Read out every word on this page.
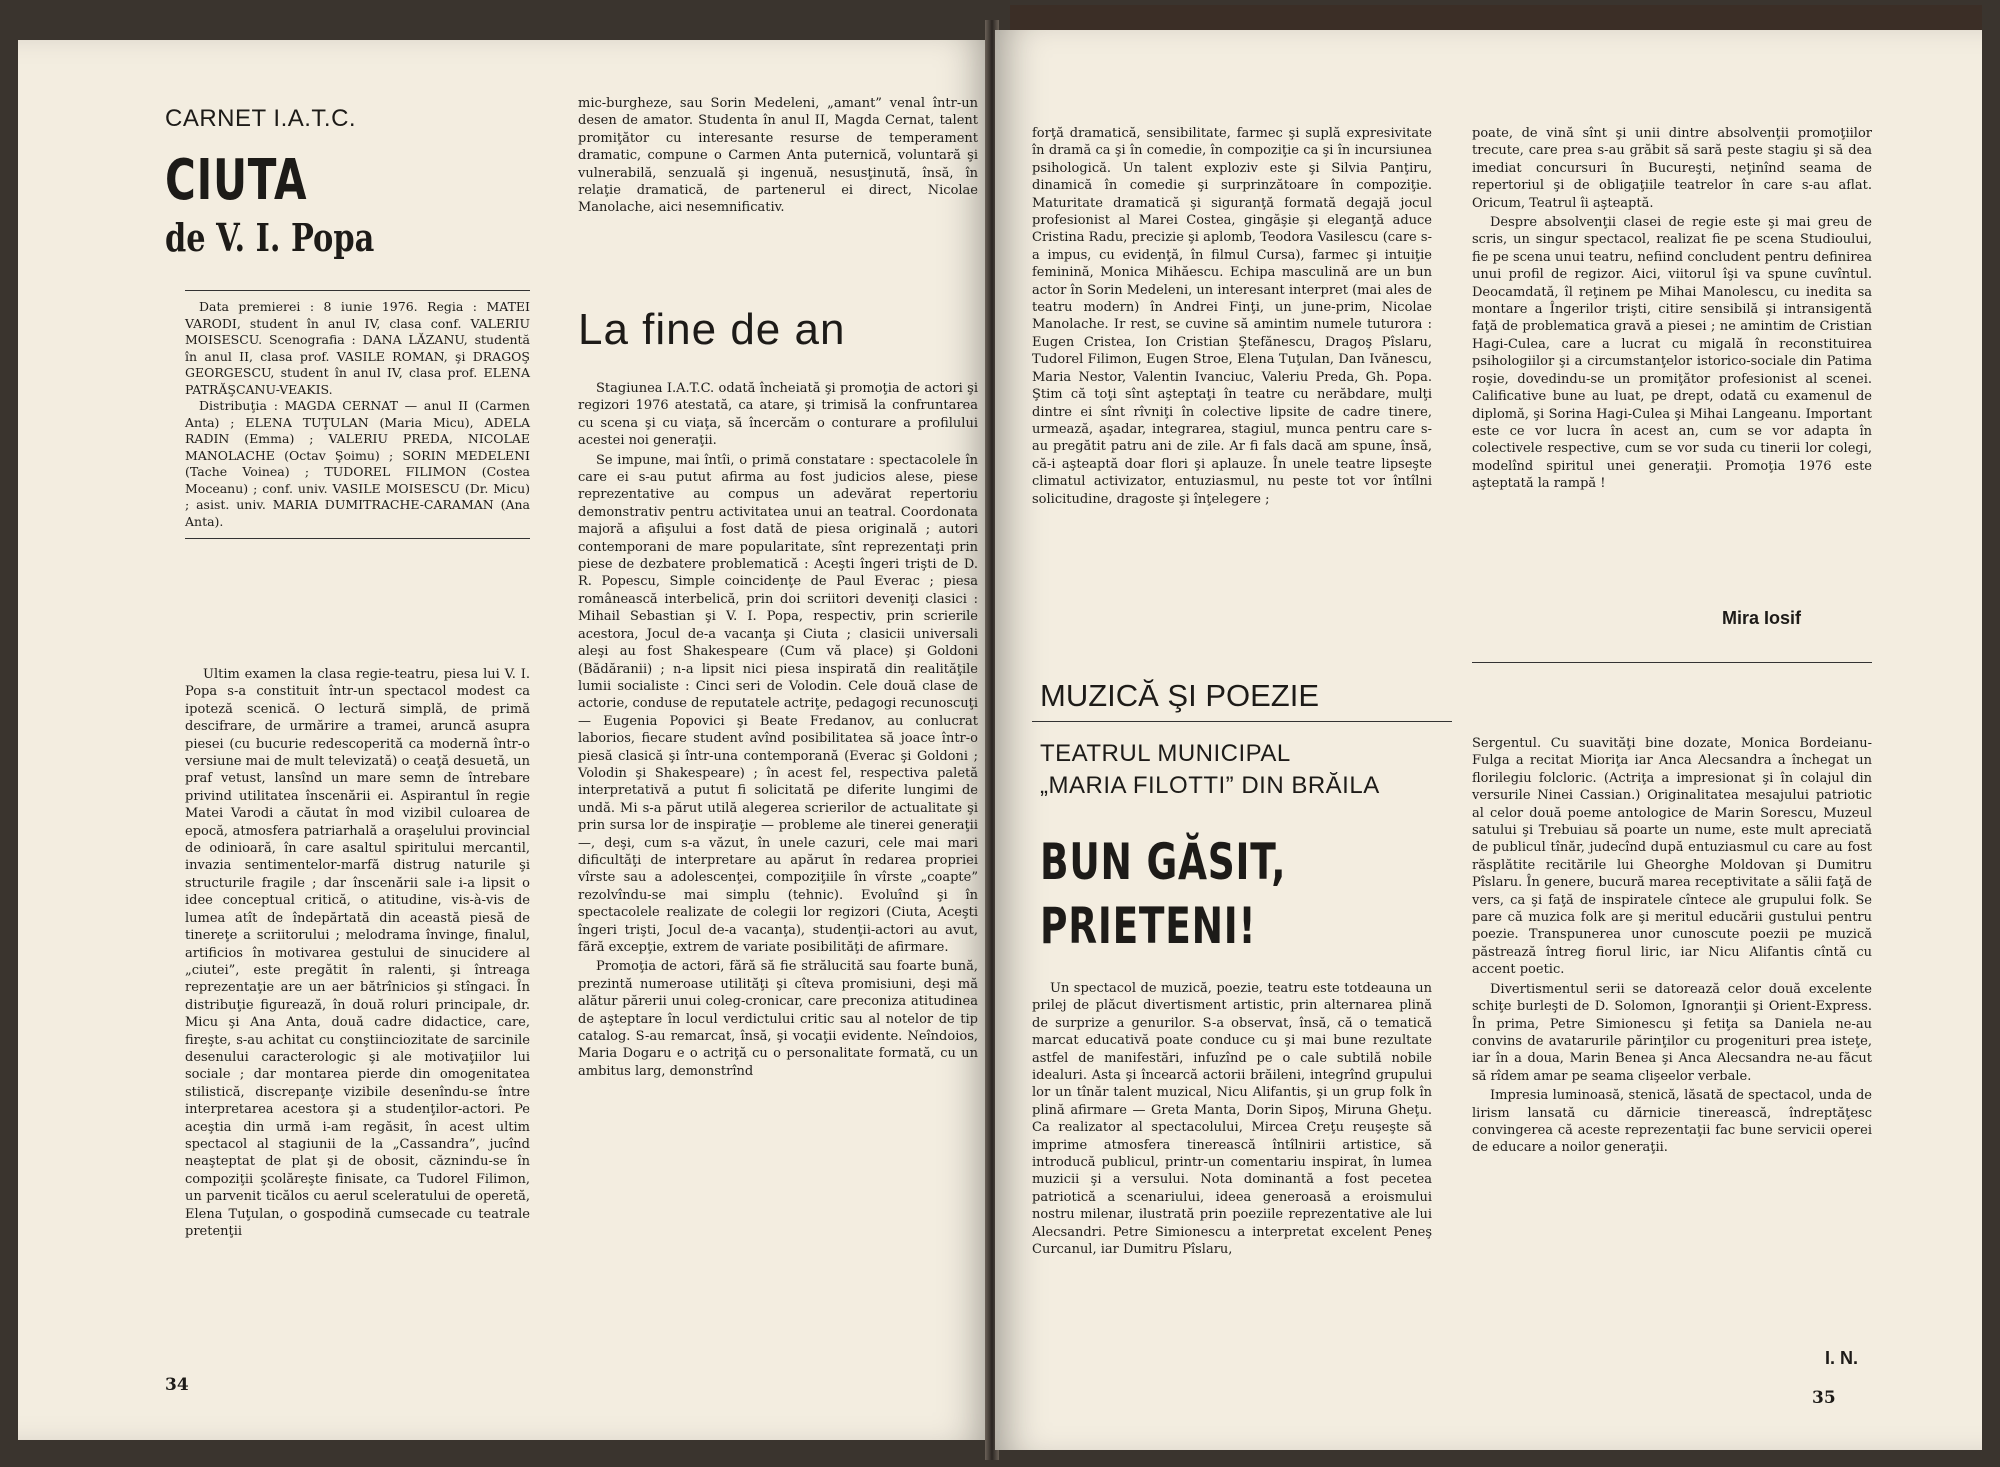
CARNET I.A.T.C.
CIUTA
de V. I. Popa

Data premierei : 8 iunie 1976. Regia : MATEI VARODI, student în anul IV, clasa conf. VALERIU MOISESCU. Scenografia : DANA LĂZANU, studentă în anul II, clasa prof. VASILE ROMAN, şi DRAGOŞ GEORGESCU, student în anul IV, clasa prof. ELENA PATRĂŞCANU-VEAKIS.

Distribuţia : MAGDA CERNAT — anul II (Carmen Anta) ; ELENA TUŢULAN (Maria Micu), ADELA RADIN (Emma) ; VALERIU PREDA, NICOLAE MANOLACHE (Octav Şoimu) ; SORIN MEDELENI (Tache Voinea) ; TUDOREL FILIMON (Costea Moceanu) ; conf. univ. VASILE MOISESCU (Dr. Micu) ; asist. univ. MARIA DUMITRACHE-CARAMAN (Ana Anta).

Ultim examen la clasa regie-teatru, piesa lui V. I. Popa s-a constituit într-un spectacol modest ca ipoteză scenică. O lectură simplă, de primă descifrare, de urmărire a tramei, aruncă asupra piesei (cu bucurie redescoperită ca modernă într-o versiune mai de mult televizată) o ceaţă desuetă, un praf vetust, lansînd un mare semn de întrebare privind utilitatea înscenării ei. Aspirantul în regie Matei Varodi a căutat în mod vizibil culoarea de epocă, atmosfera patriarhală a oraşelului provincial de odinioară, în care asaltul spiritului mercantil, invazia sentimentelor-marfă distrug naturile şi structurile fragile ; dar înscenării sale i-a lipsit o idee conceptual critică, o atitudine, vis-à-vis de lumea atît de îndepărtată din această piesă de tinereţe a scriitorului ; melodrama învinge, finalul, artificios în motivarea gestului de sinucidere al „ciutei”, este pregătit în ralenti, şi întreaga reprezentaţie are un aer bătrînicios şi stîngaci. În distribuţie figurează, în două roluri principale, dr. Micu şi Ana Anta, două cadre didactice, care, fireşte, s-au achitat cu conştiinciozitate de sarcinile desenului caracterologic şi ale motivaţiilor lui sociale ; dar montarea pierde din omogenitatea stilistică, discrepanţe vizibile desenîndu-se între interpretarea acestora şi a studenţilor-actori. Pe aceştia din urmă i-am regăsit, în acest ultim spectacol al stagiunii de la „Cassandra”, jucînd neaşteptat de plat şi de obosit, căznindu-se în compoziţii şcolăreşte finisate, ca Tudorel Filimon, un parvenit ticălos cu aerul sceleratului de operetă, Elena Tuţulan, o gospodină cumsecade cu teatrale pretenţii

mic-burgheze, sau Sorin Medeleni, „amant” venal într-un desen de amator. Studenta în anul II, Magda Cernat, talent promiţător cu interesante resurse de temperament dramatic, compune o Carmen Anta puternică, voluntară şi vulnerabilă, senzuală şi ingenuă, nesusţinută, însă, în relaţie dramatică, de partenerul ei direct, Nicolae Manolache, aici nesemnificativ.

La fine de an

Stagiunea I.A.T.C. odată încheiată şi promoţia de actori şi regizori 1976 atestată, ca atare, şi trimisă la confruntarea cu scena şi cu viaţa, să încercăm o conturare a profilului acestei noi generaţii.

Se impune, mai întîi, o primă constatare : spectacolele în care ei s-au putut afirma au fost judicios alese, piese reprezentative au compus un adevărat repertoriu demonstrativ pentru activitatea unui an teatral. Coordonata majoră a afişului a fost dată de piesa originală ; autori contemporani de mare popularitate, sînt reprezentaţi prin piese de dezbatere problematică : Aceşti îngeri trişti de D. R. Popescu, Simple coincidenţe de Paul Everac ; piesa românească interbelică, prin doi scriitori deveniţi clasici : Mihail Sebastian şi V. I. Popa, respectiv, prin scrierile acestora, Jocul de-a vacanţa şi Ciuta ; clasicii universali aleşi au fost Shakespeare (Cum vă place) şi Goldoni (Bădăranii) ; n-a lipsit nici piesa inspirată din realităţile lumii socialiste : Cinci seri de Volodin. Cele două clase de actorie, conduse de reputatele actriţe, pedagogi recunoscuţi — Eugenia Popovici şi Beate Fredanov, au conlucrat laborios, fiecare student avînd posibilitatea să joace într-o piesă clasică şi într-una contemporană (Everac şi Goldoni ; Volodin şi Shakespeare) ; în acest fel, respectiva paletă interpretativă a putut fi solicitată pe diferite lungimi de undă. Mi s-a părut utilă alegerea scrierilor de actualitate şi prin sursa lor de inspiraţie — probleme ale tinerei generaţii —, deşi, cum s-a văzut, în unele cazuri, cele mai mari dificultăţi de interpretare au apărut în redarea propriei vîrste sau a adolescenţei, compoziţiile în vîrste „coapte” rezolvîndu-se mai simplu (tehnic). Evoluînd şi în spectacolele realizate de colegii lor regizori (Ciuta, Aceşti îngeri trişti, Jocul de-a vacanţa), studenţii-actori au avut, fără excepţie, extrem de variate posibilităţi de afirmare.

Promoţia de actori, fără să fie strălucită sau foarte bună, prezintă numeroase utilităţi şi cîteva promisiuni, deşi mă alătur părerii unui coleg-cronicar, care preconiza atitudinea de aşteptare în locul verdictului critic sau al notelor de tip catalog. S-au remarcat, însă, şi vocaţii evidente. Neîndoios, Maria Dogaru e o actriţă cu o personalitate formată, cu un ambitus larg, demonstrînd

34

forţă dramatică, sensibilitate, farmec şi suplă expresivitate în dramă ca şi în comedie, în compoziţie ca şi în incursiunea psihologică. Un talent exploziv este şi Silvia Panţiru, dinamică în comedie şi surprinzătoare în compoziţie. Maturitate dramatică şi siguranţă formată degajă jocul profesionist al Marei Costea, gingăşie şi eleganţă aduce Cristina Radu, precizie şi aplomb, Teodora Vasilescu (care s-a impus, cu evidenţă, în filmul Cursa), farmec şi intuiţie feminină, Monica Mihăescu. Echipa masculină are un bun actor în Sorin Medeleni, un interesant interpret (mai ales de teatru modern) în Andrei Finţi, un june-prim, Nicolae Manolache. Ir rest, se cuvine să amintim numele tuturora : Eugen Cristea, Ion Cristian Ştefănescu, Dragoş Pîslaru, Tudorel Filimon, Eugen Stroe, Elena Tuţulan, Dan Ivănescu, Maria Nestor, Valentin Ivanciuc, Valeriu Preda, Gh. Popa. Ştim că toţi sînt aşteptaţi în teatre cu nerăbdare, mulţi dintre ei sînt rîvniţi în colective lipsite de cadre tinere, urmează, aşadar, integrarea, stagiul, munca pentru care s-au pregătit patru ani de zile. Ar fi fals dacă am spune, însă, că-i aşteaptă doar flori şi aplauze. În unele teatre lipseşte climatul activizator, entuziasmul, nu peste tot vor întîlni solicitudine, dragoste şi înţelegere ;

poate, de vină sînt şi unii dintre absolvenţii promoţiilor trecute, care prea s-au grăbit să sară peste stagiu şi să dea imediat concursuri în Bucureşti, neţinînd seama de repertoriul şi de obligaţiile teatrelor în care s-au aflat. Oricum, Teatrul îi aşteaptă.

Despre absolvenţii clasei de regie este şi mai greu de scris, un singur spectacol, realizat fie pe scena Studioului, fie pe scena unui teatru, nefiind concludent pentru definirea unui profil de regizor. Aici, viitorul îşi va spune cuvîntul. Deocamdată, îl reţinem pe Mihai Manolescu, cu inedita sa montare a Îngerilor trişti, citire sensibilă şi intransigentă faţă de problematica gravă a piesei ; ne amintim de Cristian Hagi-Culea, care a lucrat cu migală în reconstituirea psihologiilor şi a circumstanţelor istorico-sociale din Patima roşie, dovedindu-se un promiţător profesionist al scenei. Calificative bune au luat, pe drept, odată cu examenul de diplomă, şi Sorina Hagi-Culea şi Mihai Langeanu. Important este ce vor lucra în acest an, cum se vor adapta în colectivele respective, cum se vor suda cu tinerii lor colegi, modelînd spiritul unei generaţii. Promoţia 1976 este aşteptată la rampă !

Mira Iosif
MUZICĂ ŞI POEZIE
TEATRUL MUNICIPAL
„MARIA FILOTTI” DIN BRĂILA
BUN GĂSIT,
PRIETENI!

Un spectacol de muzică, poezie, teatru este totdeauna un prilej de plăcut divertisment artistic, prin alternarea plină de surprize a genurilor. S-a observat, însă, că o tematică marcat educativă poate conduce cu şi mai bune rezultate astfel de manifestări, infuzînd pe o cale subtilă nobile idealuri. Asta şi încearcă actorii brăileni, integrînd grupului lor un tînăr talent muzical, Nicu Alifantis, şi un grup folk în plină afirmare — Greta Manta, Dorin Sipoş, Miruna Gheţu. Ca realizator al spectacolului, Mircea Creţu reuşeşte să imprime atmosfera tinerească întîlnirii artistice, să introducă publicul, printr-un comentariu inspirat, în lumea muzicii şi a versului. Nota dominantă a fost pecetea patriotică a scenariului, ideea generoasă a eroismului nostru milenar, ilustrată prin poeziile reprezentative ale lui Alecsandri. Petre Simionescu a interpretat excelent Peneş Curcanul, iar Dumitru Pîslaru,

Sergentul. Cu suavităţi bine dozate, Monica Bordeianu-Fulga a recitat Mioriţa iar Anca Alecsandra a închegat un florilegiu folcloric. (Actriţa a impresionat şi în colajul din versurile Ninei Cassian.) Originalitatea mesajului patriotic al celor două poeme antologice de Marin Sorescu, Muzeul satului şi Trebuiau să poarte un nume, este mult apreciată de publicul tînăr, judecînd după entuziasmul cu care au fost răsplătite recitările lui Gheorghe Moldovan şi Dumitru Pîslaru. În genere, bucură marea receptivitate a sălii faţă de vers, ca şi faţă de inspiratele cîntece ale grupului folk. Se pare că muzica folk are şi meritul educării gustului pentru poezie. Transpunerea unor cunoscute poezii pe muzică păstrează întreg fiorul liric, iar Nicu Alifantis cîntă cu accent poetic.

Divertismentul serii se datorează celor două excelente schiţe burleşti de D. Solomon, Ignoranţii şi Orient-Express. În prima, Petre Simionescu şi fetiţa sa Daniela ne-au convins de avatarurile părinţilor cu progenituri prea isteţe, iar în a doua, Marin Benea şi Anca Alecsandra ne-au făcut să rîdem amar pe seama clişeelor verbale.

Impresia luminoasă, stenică, lăsată de spectacol, unda de lirism lansată cu dărnicie tinerească, îndreptăţesc convingerea că aceste reprezentaţii fac bune servicii operei de educare a noilor generaţii.

I. N.
35
